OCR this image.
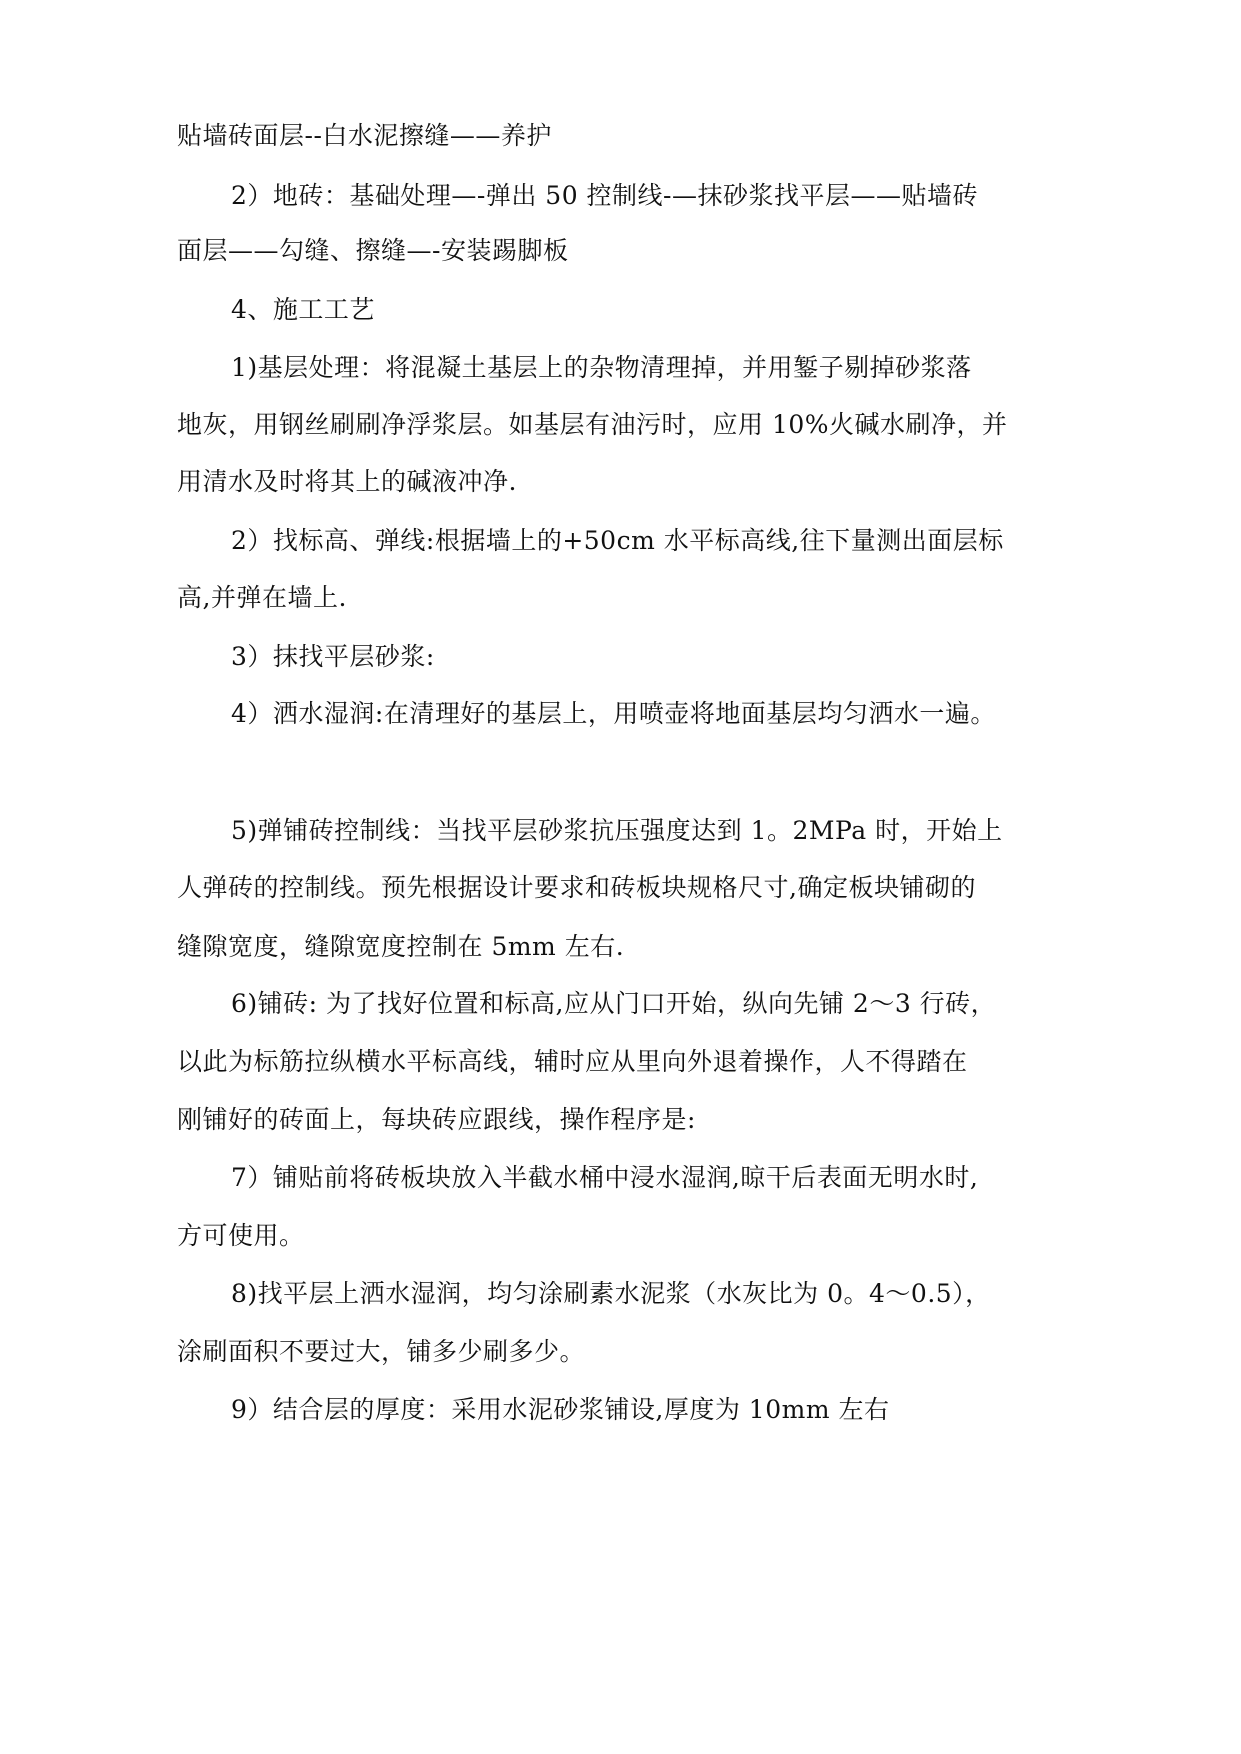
贴墙砖面层--白水泥擦缝——养护
2）地砖：基础处理—-弹出 50 控制线-—抹砂浆找平层——贴墙砖
面层——勾缝、擦缝—-安装踢脚板
4、施工工艺
1)基层处理：将混凝土基层上的杂物清理掉，并用錾子剔掉砂浆落
地灰，用钢丝刷刷净浮浆层。如基层有油污时，应用 10%火碱水刷净，并
用清水及时将其上的碱液冲净.
2）找标高、弹线:根据墙上的+50cm 水平标高线,往下量测出面层标
高,并弹在墙上.
3）抹找平层砂浆:
4）洒水湿润:在清理好的基层上，用喷壶将地面基层均匀洒水一遍。
5)弹铺砖控制线：当找平层砂浆抗压强度达到 1。2MPa 时，开始上
人弹砖的控制线。预先根据设计要求和砖板块规格尺寸,确定板块铺砌的
缝隙宽度，缝隙宽度控制在 5mm 左右.
6)铺砖: 为了找好位置和标高,应从门口开始，纵向先铺 2～3 行砖，
以此为标筋拉纵横水平标高线，辅时应从里向外退着操作，人不得踏在
刚铺好的砖面上，每块砖应跟线，操作程序是:
7）铺贴前将砖板块放入半截水桶中浸水湿润,晾干后表面无明水时,
方可使用。
8)找平层上洒水湿润，均匀涂刷素水泥浆（水灰比为 0。4～0.5），
涂刷面积不要过大，铺多少刷多少。
9）结合层的厚度：采用水泥砂浆铺设,厚度为 10mm 左右
